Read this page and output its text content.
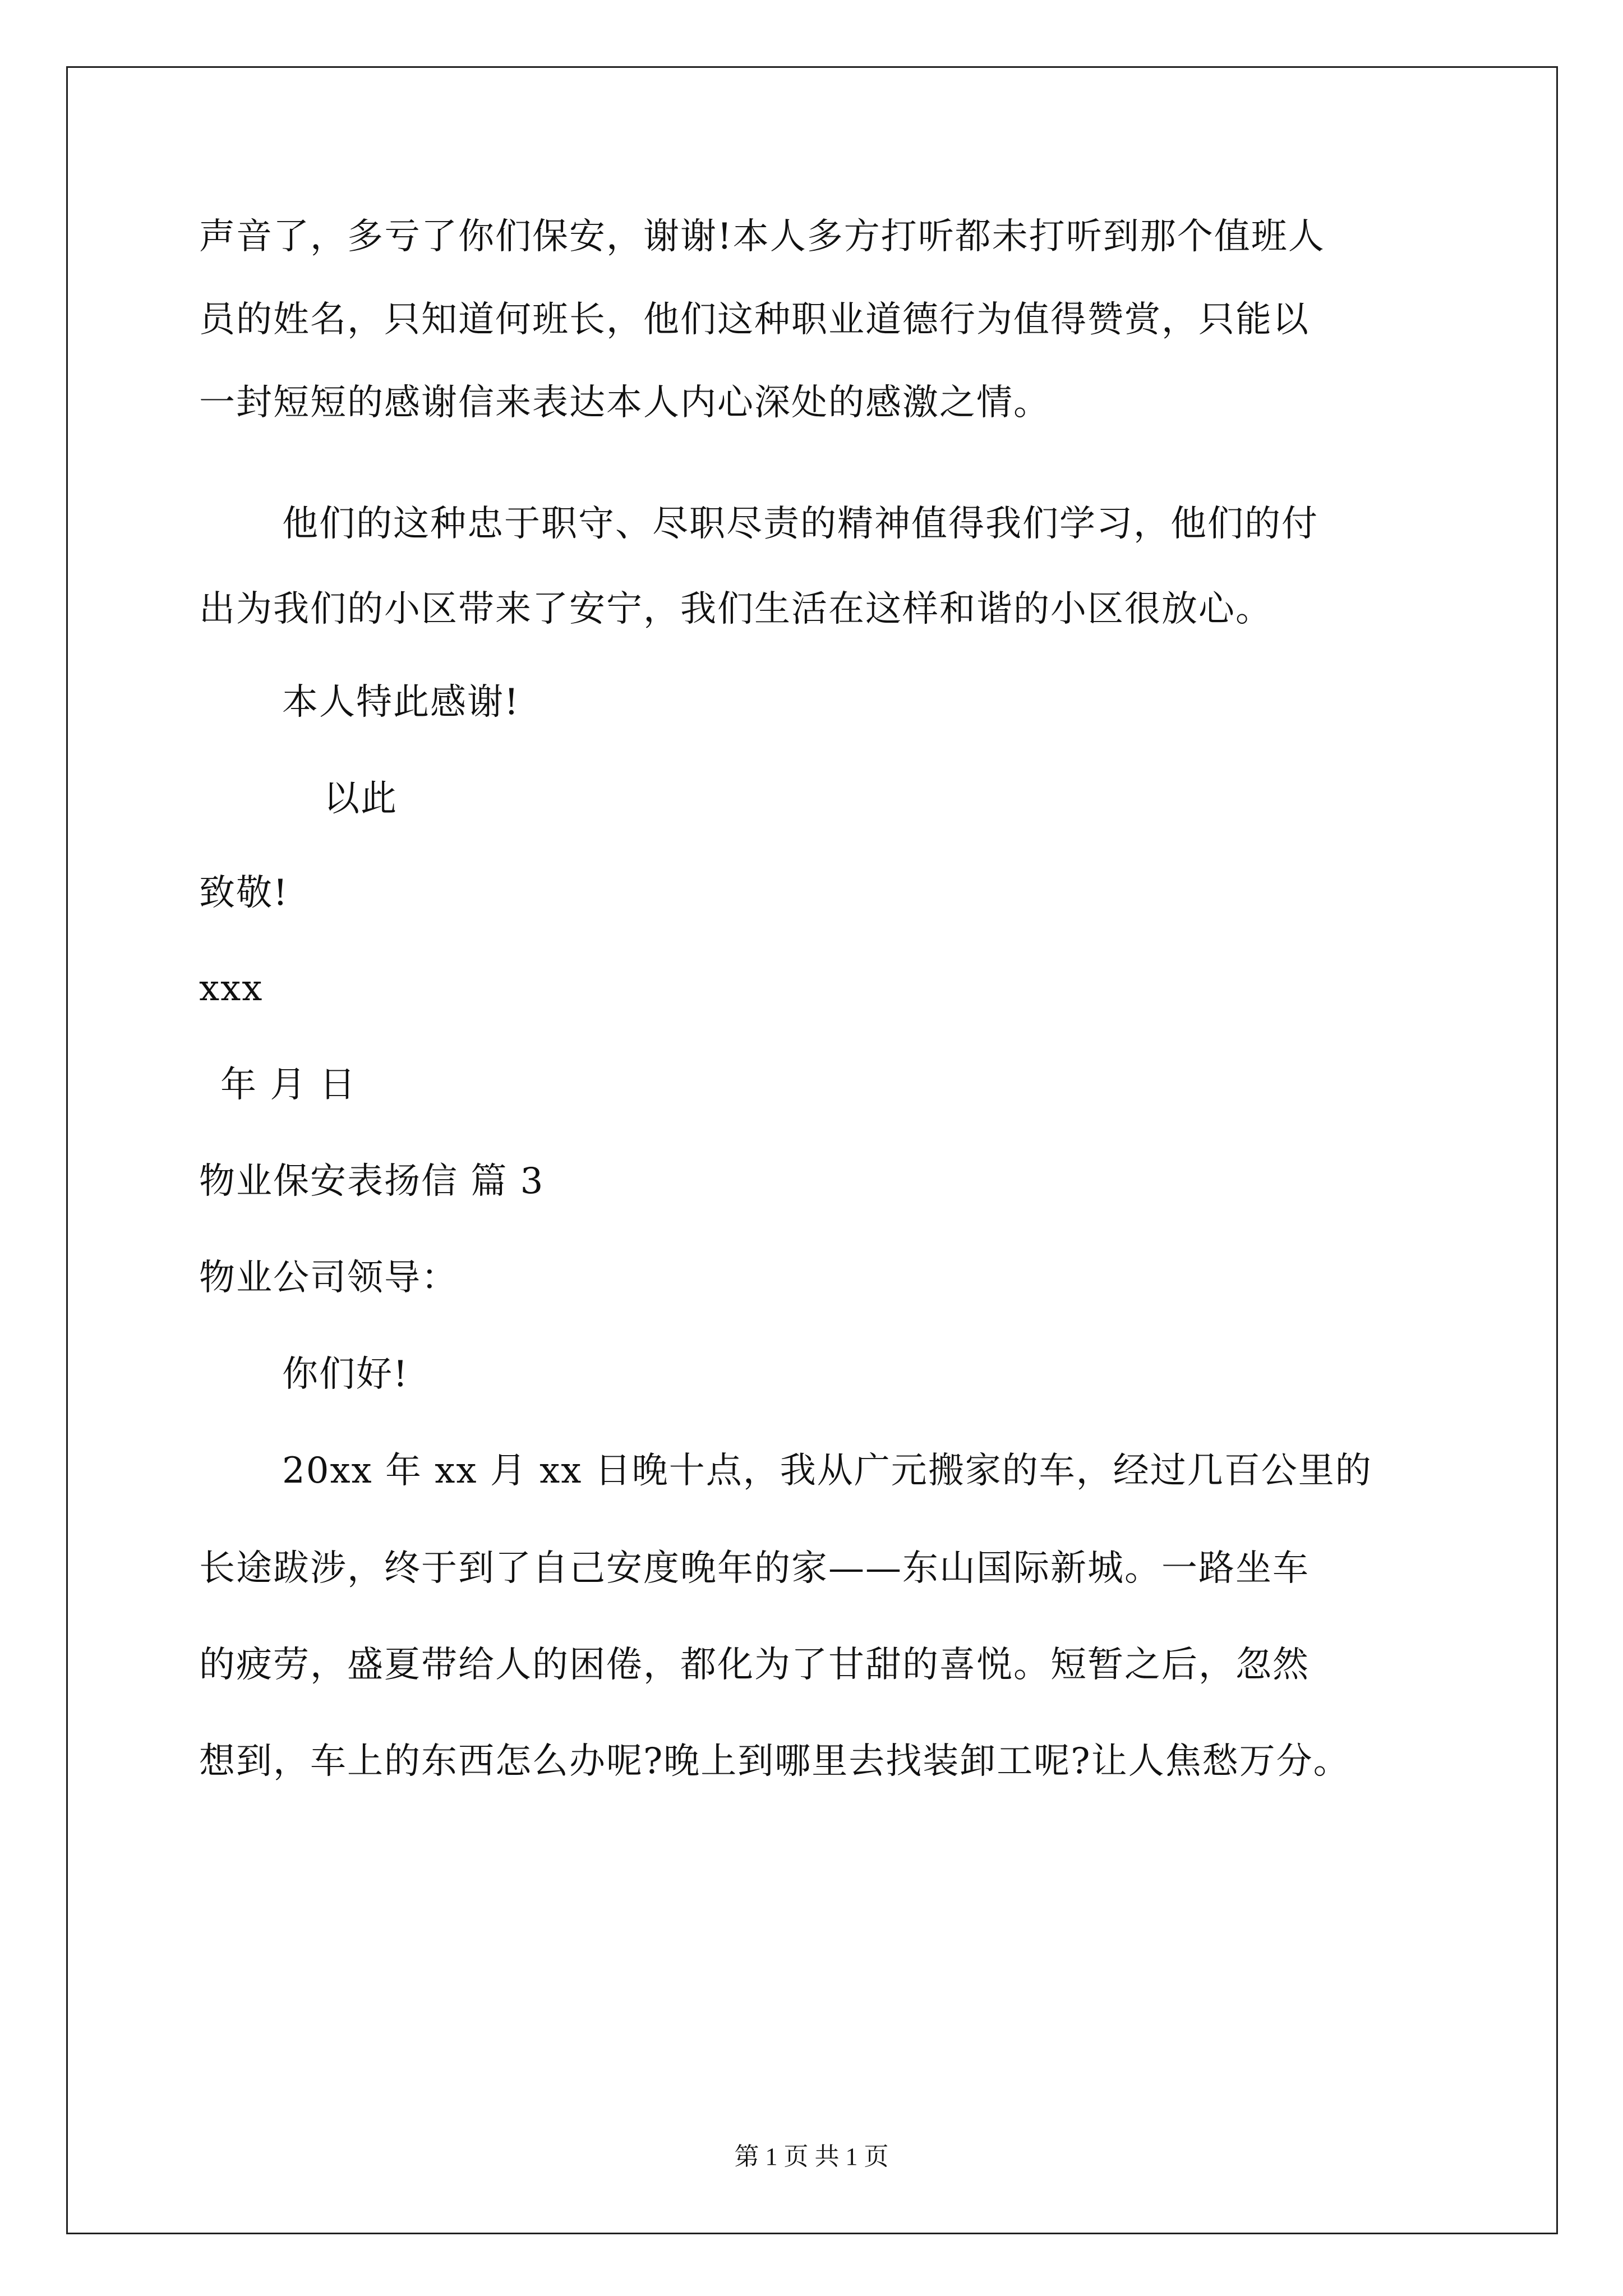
声音了，多亏了你们保安，谢谢!本人多方打听都未打听到那个值班人
员的姓名，只知道何班长，他们这种职业道德行为值得赞赏，只能以
一封短短的感谢信来表达本人内心深处的感激之情。
他们的这种忠于职守、尽职尽责的精神值得我们学习，他们的付
出为我们的小区带来了安宁，我们生活在这样和谐的小区很放心。
本人特此感谢!
以此
致敬!
xxx
年 月 日
物业保安表扬信 篇 3
物业公司领导：
你们好!
20xx 年 xx 月 xx 日晚十点，我从广元搬家的车，经过几百公里的
长途跋涉，终于到了自己安度晚年的家——东山国际新城。一路坐车
的疲劳，盛夏带给人的困倦，都化为了甘甜的喜悦。短暂之后，忽然
想到，车上的东西怎么办呢?晚上到哪里去找装卸工呢?让人焦愁万分。
第 1 页 共 1 页
